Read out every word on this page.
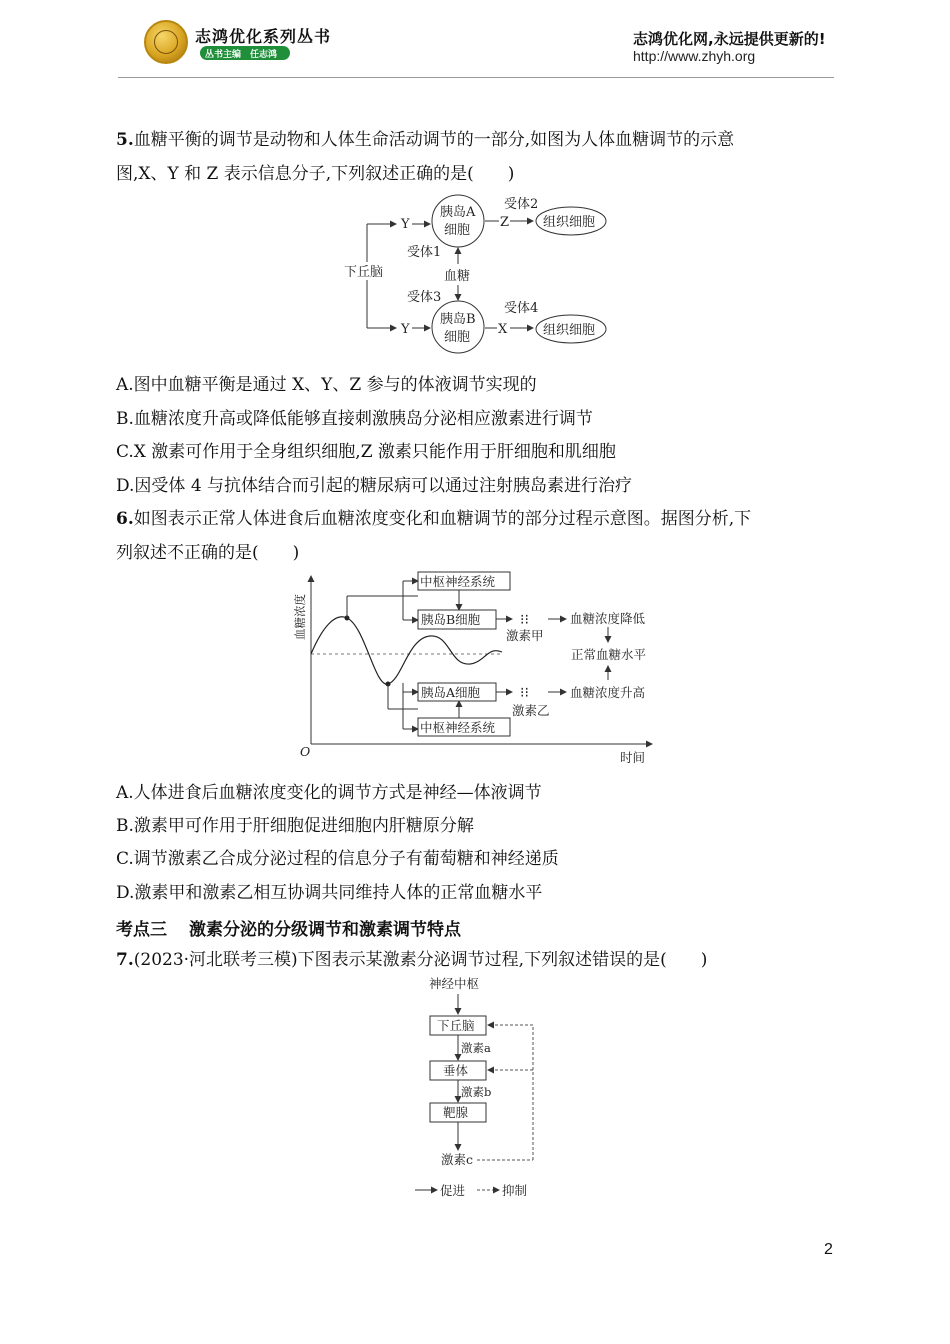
志鸿优化系列丛书
丛书主编 任志鸿
志鸿优化网,永远提供更新的!
http://www.zhyh.org
5.血糖平衡的调节是动物和人体生命活动调节的一部分,如图为人体血糖调节的示意
图,X、Y 和 Z 表示信息分子,下列叙述正确的是(　　)
下丘脑
Y
Y
胰岛A
细胞
Z
受体2
组织细胞
受体1
血糖
受体3
胰岛B
细胞
X
受体4
组织细胞
A.图中血糖平衡是通过 X、Y、Z 参与的体液调节实现的
B.血糖浓度升高或降低能够直接刺激胰岛分泌相应激素进行调节
C.X 激素可作用于全身组织细胞,Z 激素只能作用于肝细胞和肌细胞
D.因受体 4 与抗体结合而引起的糖尿病可以通过注射胰岛素进行治疗
6.如图表示正常人体进食后血糖浓度变化和血糖调节的部分过程示意图。据图分析,下
列叙述不正确的是(　　)
血糖浓度
O	时间
中枢神经系统
胰岛B细胞	⁝⁝
激素甲
血糖浓度降低
正常血糖水平
胰岛A细胞	⁝⁝
激素乙
血糖浓度升高
中枢神经系统
A.人体进食后血糖浓度变化的调节方式是神经—体液调节
B.激素甲可作用于肝细胞促进细胞内肝糖原分解
C.调节激素乙合成分泌过程的信息分子有葡萄糖和神经递质
D.激素甲和激素乙相互协调共同维持人体的正常血糖水平
考点三 激素分泌的分级调节和激素调节特点
7.(2023·河北联考三模)下图表示某激素分泌调节过程,下列叙述错误的是(　　)
神经中枢
下丘脑
激素a
垂体
激素b
靶腺
激素c
促进	抑制
2
